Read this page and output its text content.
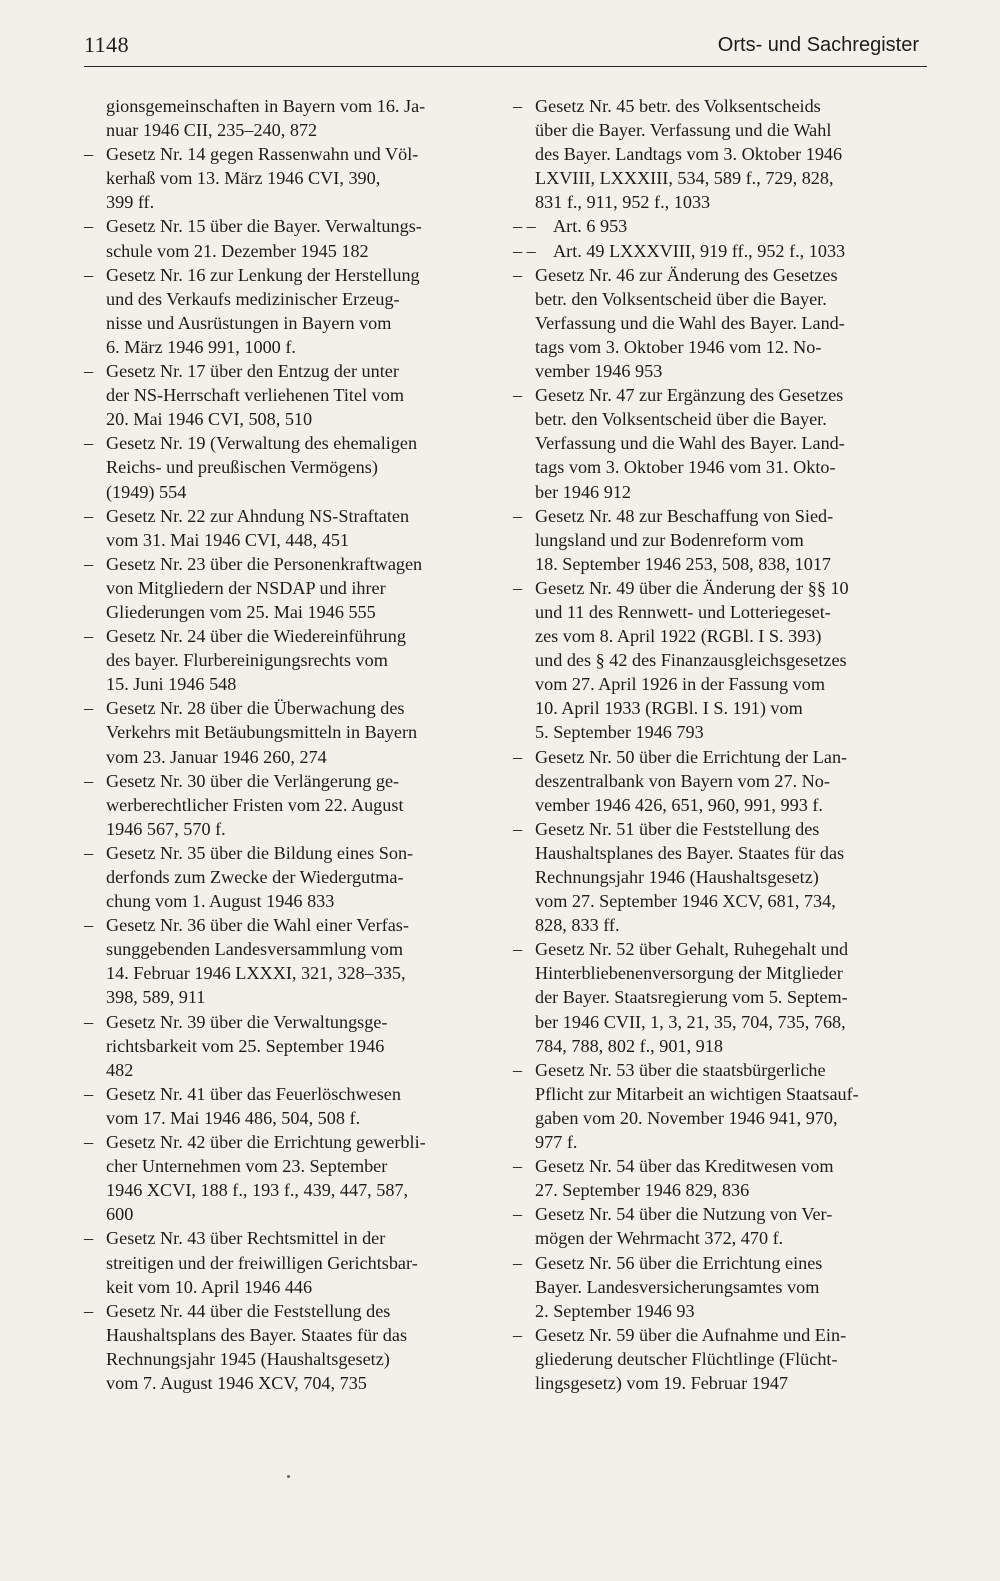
1148	Orts- und Sachregister
gionsgemeinschaften in Bayern vom 16. Ja-
nuar 1946 CII, 235–240, 872
– Gesetz Nr. 14 gegen Rassenwahn und Völ-
kerhaß vom 13. März 1946 CVI, 390,
399 ff.
– Gesetz Nr. 15 über die Bayer. Verwaltungs-
schule vom 21. Dezember 1945 182
– Gesetz Nr. 16 zur Lenkung der Herstellung
und des Verkaufs medizinischer Erzeug-
nisse und Ausrüstungen in Bayern vom
6. März 1946 991, 1000 f.
– Gesetz Nr. 17 über den Entzug der unter
der NS-Herrschaft verliehenen Titel vom
20. Mai 1946 CVI, 508, 510
– Gesetz Nr. 19 (Verwaltung des ehemaligen
Reichs- und preußischen Vermögens)
(1949) 554
– Gesetz Nr. 22 zur Ahndung NS-Straftaten
vom 31. Mai 1946 CVI, 448, 451
– Gesetz Nr. 23 über die Personenkraftwagen
von Mitgliedern der NSDAP und ihrer
Gliederungen vom 25. Mai 1946 555
– Gesetz Nr. 24 über die Wiedereinführung
des bayer. Flurbereinigungsrechts vom
15. Juni 1946 548
– Gesetz Nr. 28 über die Überwachung des
Verkehrs mit Betäubungsmitteln in Bayern
vom 23. Januar 1946 260, 274
– Gesetz Nr. 30 über die Verlängerung ge-
werberechtlicher Fristen vom 22. August
1946 567, 570 f.
– Gesetz Nr. 35 über die Bildung eines Son-
derfonds zum Zwecke der Wiedergutma-
chung vom 1. August 1946 833
– Gesetz Nr. 36 über die Wahl einer Verfas-
sunggebenden Landesversammlung vom
14. Februar 1946 LXXXI, 321, 328–335,
398, 589, 911
– Gesetz Nr. 39 über die Verwaltungsge-
richtsbarkeit vom 25. September 1946
482
– Gesetz Nr. 41 über das Feuerlöschwesen
vom 17. Mai 1946 486, 504, 508 f.
– Gesetz Nr. 42 über die Errichtung gewerbli-
cher Unternehmen vom 23. September
1946 XCVI, 188 f., 193 f., 439, 447, 587,
600
– Gesetz Nr. 43 über Rechtsmittel in der
streitigen und der freiwilligen Gerichtsbar-
keit vom 10. April 1946 446
– Gesetz Nr. 44 über die Feststellung des
Haushaltsplans des Bayer. Staates für das
Rechnungsjahr 1945 (Haushaltsgesetz)
vom 7. August 1946 XCV, 704, 735
– Gesetz Nr. 45 betr. des Volksentscheids
über die Bayer. Verfassung und die Wahl
des Bayer. Landtags vom 3. Oktober 1946
LXVIII, LXXXIII, 534, 589 f., 729, 828,
831 f., 911, 952 f., 1033
– – Art. 6 953
– – Art. 49 LXXXVIII, 919 ff., 952 f., 1033
– Gesetz Nr. 46 zur Änderung des Gesetzes
betr. den Volksentscheid über die Bayer.
Verfassung und die Wahl des Bayer. Land-
tags vom 3. Oktober 1946 vom 12. No-
vember 1946 953
– Gesetz Nr. 47 zur Ergänzung des Gesetzes
betr. den Volksentscheid über die Bayer.
Verfassung und die Wahl des Bayer. Land-
tags vom 3. Oktober 1946 vom 31. Okto-
ber 1946 912
– Gesetz Nr. 48 zur Beschaffung von Sied-
lungsland und zur Bodenreform vom
18. September 1946 253, 508, 838, 1017
– Gesetz Nr. 49 über die Änderung der §§ 10
und 11 des Rennwett- und Lotteriegeset-
zes vom 8. April 1922 (RGBl. I S. 393)
und des § 42 des Finanzausgleichsgesetzes
vom 27. April 1926 in der Fassung vom
10. April 1933 (RGBl. I S. 191) vom
5. September 1946 793
– Gesetz Nr. 50 über die Errichtung der Lan-
deszentralbank von Bayern vom 27. No-
vember 1946 426, 651, 960, 991, 993 f.
– Gesetz Nr. 51 über die Feststellung des
Haushaltsplanes des Bayer. Staates für das
Rechnungsjahr 1946 (Haushaltsgesetz)
vom 27. September 1946 XCV, 681, 734,
828, 833 ff.
– Gesetz Nr. 52 über Gehalt, Ruhegehalt und
Hinterbliebenenversorgung der Mitglieder
der Bayer. Staatsregierung vom 5. Septem-
ber 1946 CVII, 1, 3, 21, 35, 704, 735, 768,
784, 788, 802 f., 901, 918
– Gesetz Nr. 53 über die staatsbürgerliche
Pflicht zur Mitarbeit an wichtigen Staatsauf-
gaben vom 20. November 1946 941, 970,
977 f.
– Gesetz Nr. 54 über das Kreditwesen vom
27. September 1946 829, 836
– Gesetz Nr. 54 über die Nutzung von Ver-
mögen der Wehrmacht 372, 470 f.
– Gesetz Nr. 56 über die Errichtung eines
Bayer. Landesversicherungsamtes vom
2. September 1946 93
– Gesetz Nr. 59 über die Aufnahme und Ein-
gliederung deutscher Flüchtlinge (Flücht-
lingsgesetz) vom 19. Februar 1947
